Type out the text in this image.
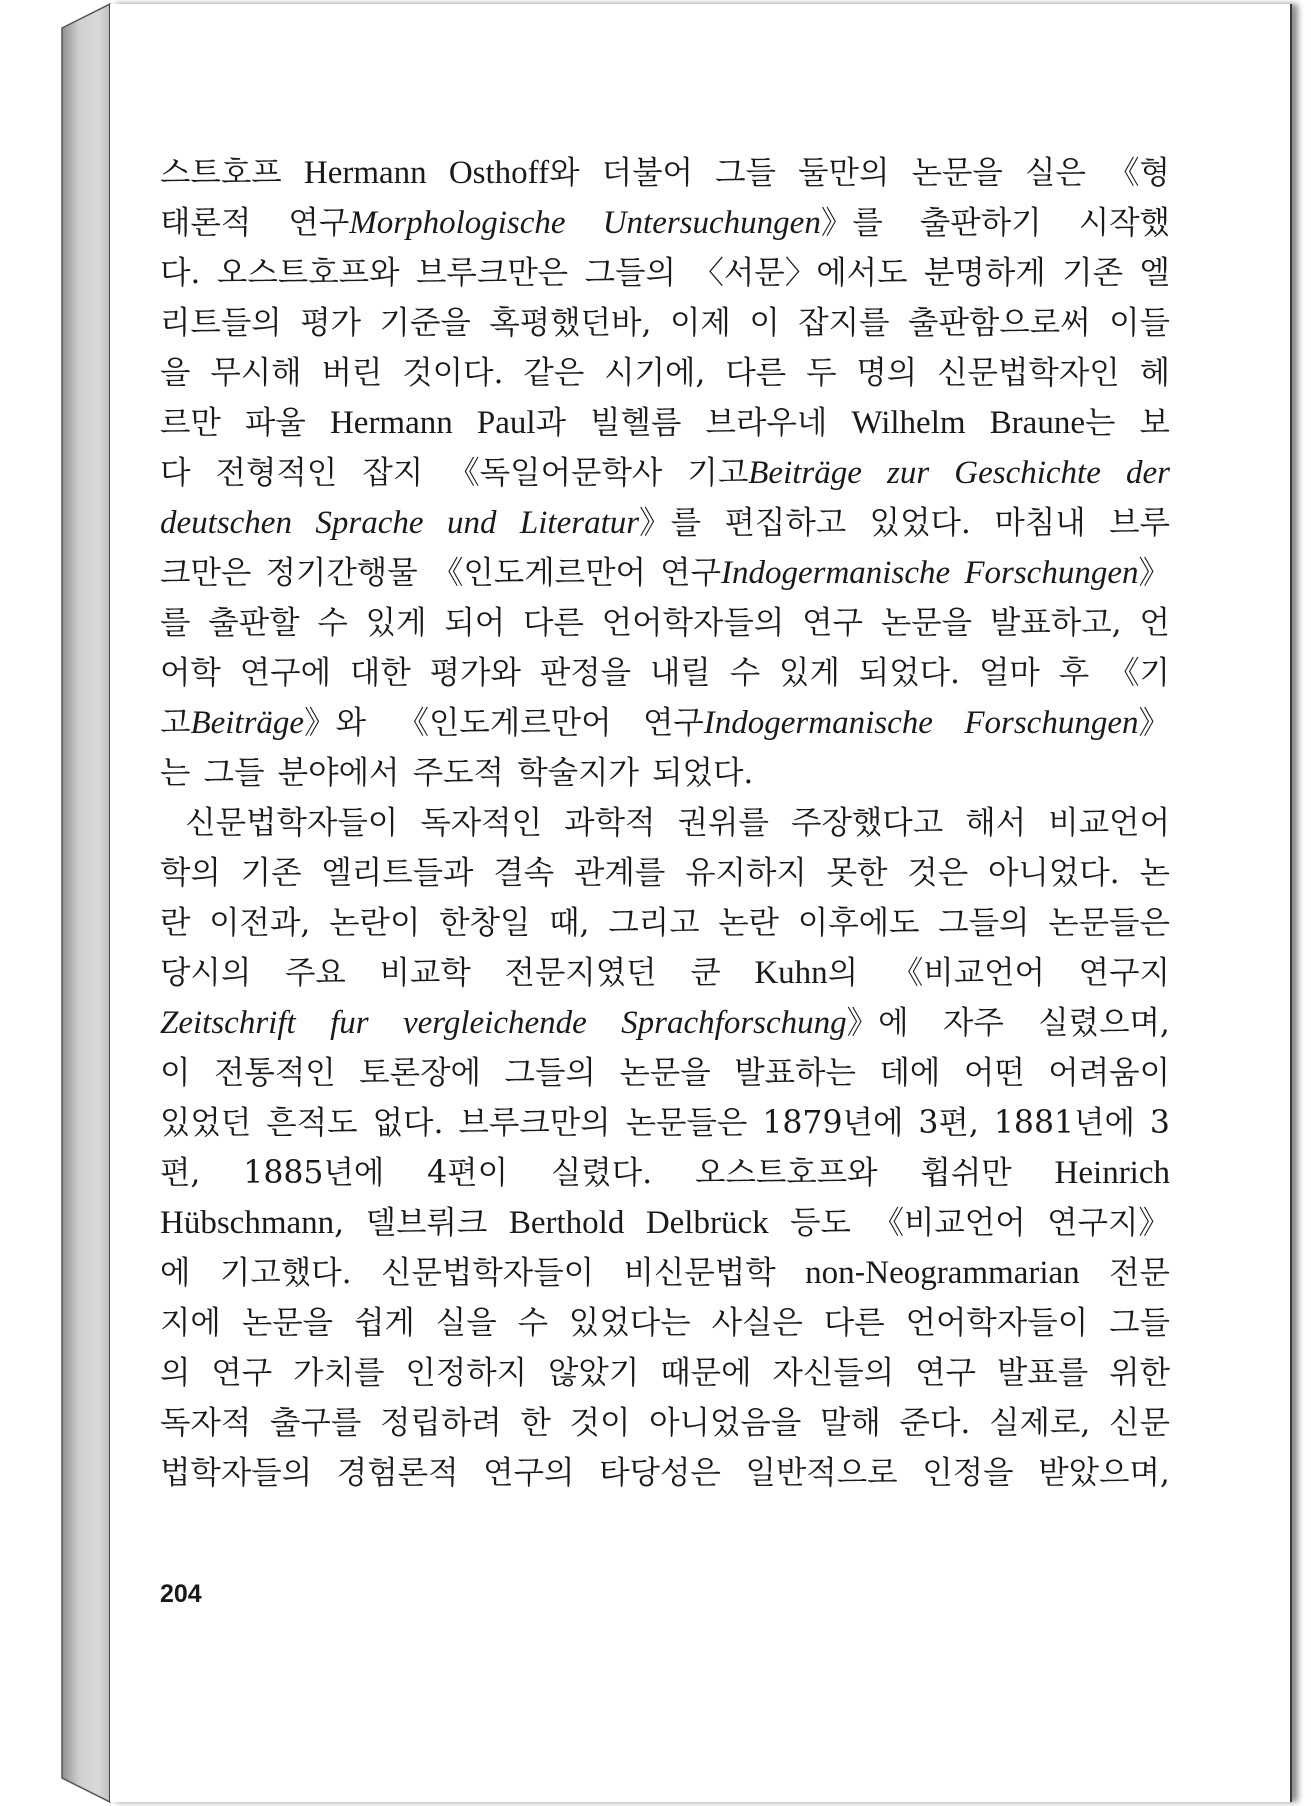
스트호프 Hermann Osthoff와 더불어 그들 둘만의 논문을 실은 《형
태론적 연구Morphologische Untersuchungen》를 출판하기 시작했
다. 오스트호프와 브루크만은 그들의 〈서문〉에서도 분명하게 기존 엘
리트들의 평가 기준을 혹평했던바, 이제 이 잡지를 출판함으로써 이들
을 무시해 버린 것이다. 같은 시기에, 다른 두 명의 신문법학자인 헤
르만 파울 Hermann Paul과 빌헬름 브라우네 Wilhelm Braune는 보
다 전형적인 잡지 《독일어문학사 기고Beiträge zur Geschichte der
deutschen Sprache und Literatur》를 편집하고 있었다. 마침내 브루
크만은 정기간행물 《인도게르만어 연구Indogermanische Forschungen》
를 출판할 수 있게 되어 다른 언어학자들의 연구 논문을 발표하고, 언
어학 연구에 대한 평가와 판정을 내릴 수 있게 되었다. 얼마 후 《기
고Beiträge》와 《인도게르만어 연구Indogermanische Forschungen》
는 그들 분야에서 주도적 학술지가 되었다.
신문법학자들이 독자적인 과학적 권위를 주장했다고 해서 비교언어
학의 기존 엘리트들과 결속 관계를 유지하지 못한 것은 아니었다. 논
란 이전과, 논란이 한창일 때, 그리고 논란 이후에도 그들의 논문들은
당시의 주요 비교학 전문지였던 쿤 Kuhn의 《비교언어 연구지
Zeitschrift fur vergleichende Sprachforschung》에 자주 실렸으며,
이 전통적인 토론장에 그들의 논문을 발표하는 데에 어떤 어려움이
있었던 흔적도 없다. 브루크만의 논문들은 1879년에 3편, 1881년에 3
편, 1885년에 4편이 실렸다. 오스트호프와 휩쉬만 Heinrich
Hübschmann, 델브뤼크 Berthold Delbrück 등도 《비교언어 연구지》
에 기고했다. 신문법학자들이 비신문법학 non-Neogrammarian 전문
지에 논문을 쉽게 실을 수 있었다는 사실은 다른 언어학자들이 그들
의 연구 가치를 인정하지 않았기 때문에 자신들의 연구 발표를 위한
독자적 출구를 정립하려 한 것이 아니었음을 말해 준다. 실제로, 신문
법학자들의 경험론적 연구의 타당성은 일반적으로 인정을 받았으며,
204
